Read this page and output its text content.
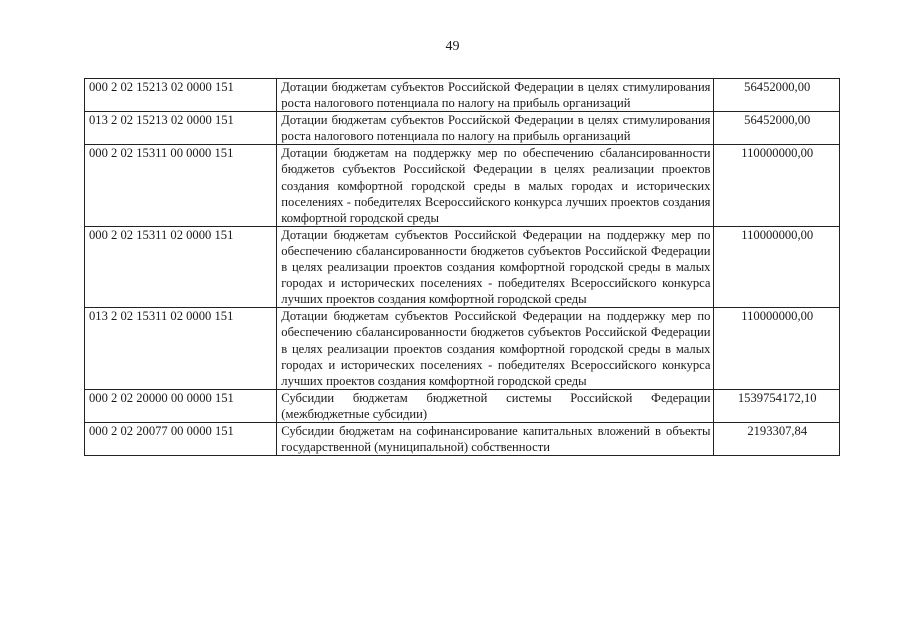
49
000 2 02 15213 02 0000 151	Дотации бюджетам субъектов Российской Федерации в целях стимулирования роста налогового потенциала по налогу на прибыль организаций	56452000,00
013 2 02 15213 02 0000 151	Дотации бюджетам субъектов Российской Федерации в целях стимулирования роста налогового потенциала по налогу на прибыль организаций	56452000,00
000 2 02 15311 00 0000 151	Дотации бюджетам на поддержку мер по обеспечению сбалансированности бюджетов субъектов Российской Федерации в целях реализации проектов создания комфортной городской среды в малых городах и исторических поселениях - победителях Всероссийского конкурса лучших проектов создания комфортной городской среды	110000000,00
000 2 02 15311 02 0000 151	Дотации бюджетам субъектов Российской Федерации на поддержку мер по обеспечению сбалансированности бюджетов субъектов Российской Федерации в целях реализации проектов создания комфортной городской среды в малых городах и исторических поселениях - победителях Всероссийского конкурса лучших проектов создания комфортной городской среды	110000000,00
013 2 02 15311 02 0000 151	Дотации бюджетам субъектов Российской Федерации на поддержку мер по обеспечению сбалансированности бюджетов субъектов Российской Федерации в целях реализации проектов создания комфортной городской среды в малых городах и исторических поселениях - победителях Всероссийского конкурса лучших проектов создания комфортной городской среды	110000000,00
000 2 02 20000 00 0000 151	Субсидии бюджетам бюджетной системы Российской Федерации (межбюджетные субсидии)	1539754172,10
000 2 02 20077 00 0000 151	Субсидии бюджетам на софинансирование капитальных вложений в объекты государственной (муниципальной) собственности	2193307,84
